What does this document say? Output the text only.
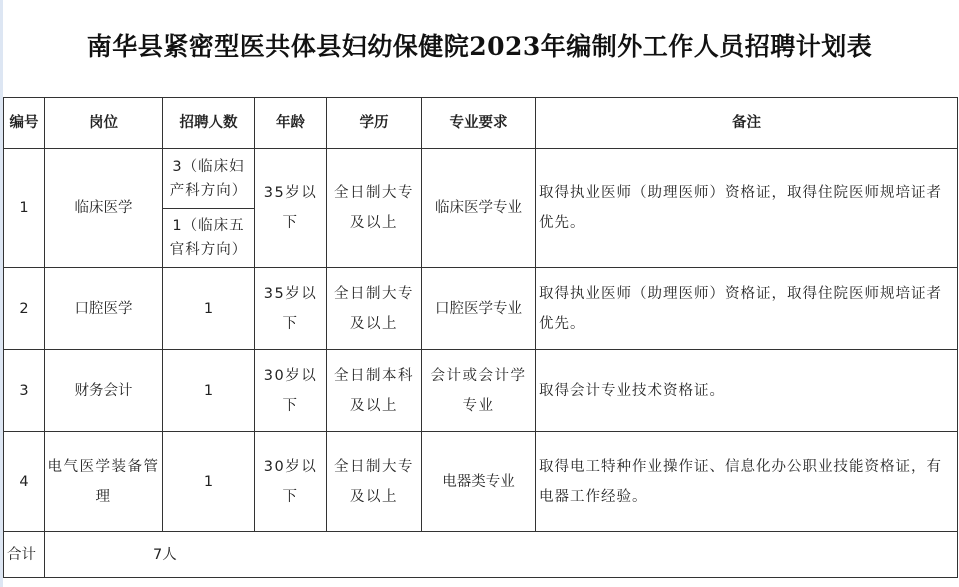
南华县紧密型医共体县妇幼保健院2023年编制外工作人员招聘计划表
编号	岗位	招聘人数	年龄	学历	专业要求	备注
1	临床医学	3（临床妇产科方向）	35岁以下	全日制大专及以上	临床医学专业	取得执业医师（助理医师）资格证，取得住院医师规培证者优先。
		1（临床五官科方向）				
2	口腔医学	1	35岁以下	全日制大专及以上	口腔医学专业	取得执业医师（助理医师）资格证，取得住院医师规培证者优先。
3	财务会计	1	30岁以下	全日制本科及以上	会计或会计学专业	取得会计专业技术资格证。
4	电气医学装备管理	1	30岁以下	全日制大专及以上	电器类专业	取得电工特种作业操作证、信息化办公职业技能资格证，有电器工作经验。
合计	7人					
